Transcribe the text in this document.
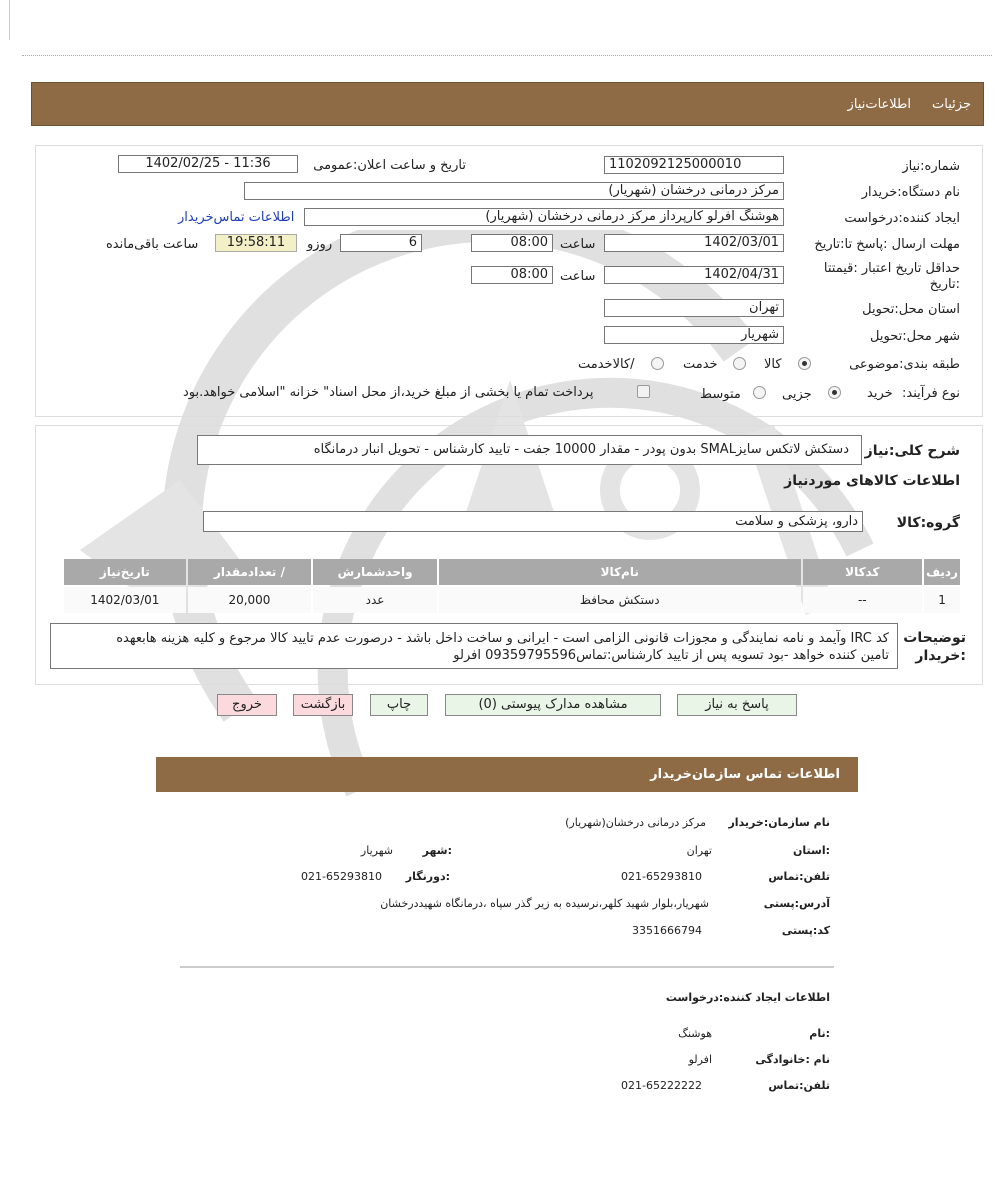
جزئیات
اطلاعات‌نیاز
شماره:نیاز
1102092125000010
تاریخ و ساعت اعلان:عمومی
1402/02/25 - 11:36
نام دستگاه:خریدار
مرکز درمانی درخشان (شهریار)
ایجاد کننده:درخواست
هوشنگ افرلو کارپرداز مرکز درمانی درخشان (شهریار)
اطلاعات تماس‌خریدار
مهلت ارسال :پاسخ تا:تاریخ
1402/03/01
ساعت
08:00
6
روزو
19:58:11
ساعت باقی‌مانده
حداقل تاریخ اعتبار :قیمتتا
:تاریخ
1402/04/31
ساعت
08:00
استان محل:تحویل
تهران
شهر محل:تحویل
شهریار
طبقه بندی:موضوعی
کالا
خدمت
/کالاخدمت
نوع فرآیند:
خرید
جزیی
متوسط
پرداخت تمام یا بخشی از مبلغ خرید،از محل اسناد" خزانه "اسلامی خواهد.بود
شرح کلی:نیاز
دستکش لاتکس سایزSMAL بدون پودر - مقدار 10000 جفت - تایید کارشناس - تحویل انبار درمانگاه
اطلاعات کالاهای موردنیاز
گروه:کالا
دارو، پزشکی و سلامت
ردیف	کدکالا	نام‌کالا	واحدشمارش	/ تعدادمقدار	تاریخ‌نیاز
1	--	دستکش محافظ	عدد	20,000	1402/03/01
توضیحات
:خریدار
کد IRC وآیمد و نامه نمایندگی و مجوزات قانونی الزامی است - ایرانی و ساخت داخل باشد - درصورت عدم تایید کالا مرجوع و کلیه هزینه هابعهده
تامین کننده خواهد -بود تسویه پس از تایید کارشناس:تماس09359795596 افرلو
پاسخ به نیاز
مشاهده مدارک پیوستی (0)
چاپ
بازگشت
خروج
اطلاعات تماس سازمان‌خریدار
نام سازمان:خریدار
مرکز درمانی درخشان(شهریار)
:استان
تهران
:شهر
شهریار
تلفن:تماس
021-65293810
:دورنگار
021-65293810
آدرس:پستی
شهریار،بلوار شهید کلهر،نرسیده به زیر گذر سپاه ،درمانگاه شهیددرخشان
کد:پستی
3351666794
اطلاعات ایجاد کننده:درخواست
:نام
هوشنگ
نام :خانوادگی
افرلو
تلفن:تماس
021-65222222
